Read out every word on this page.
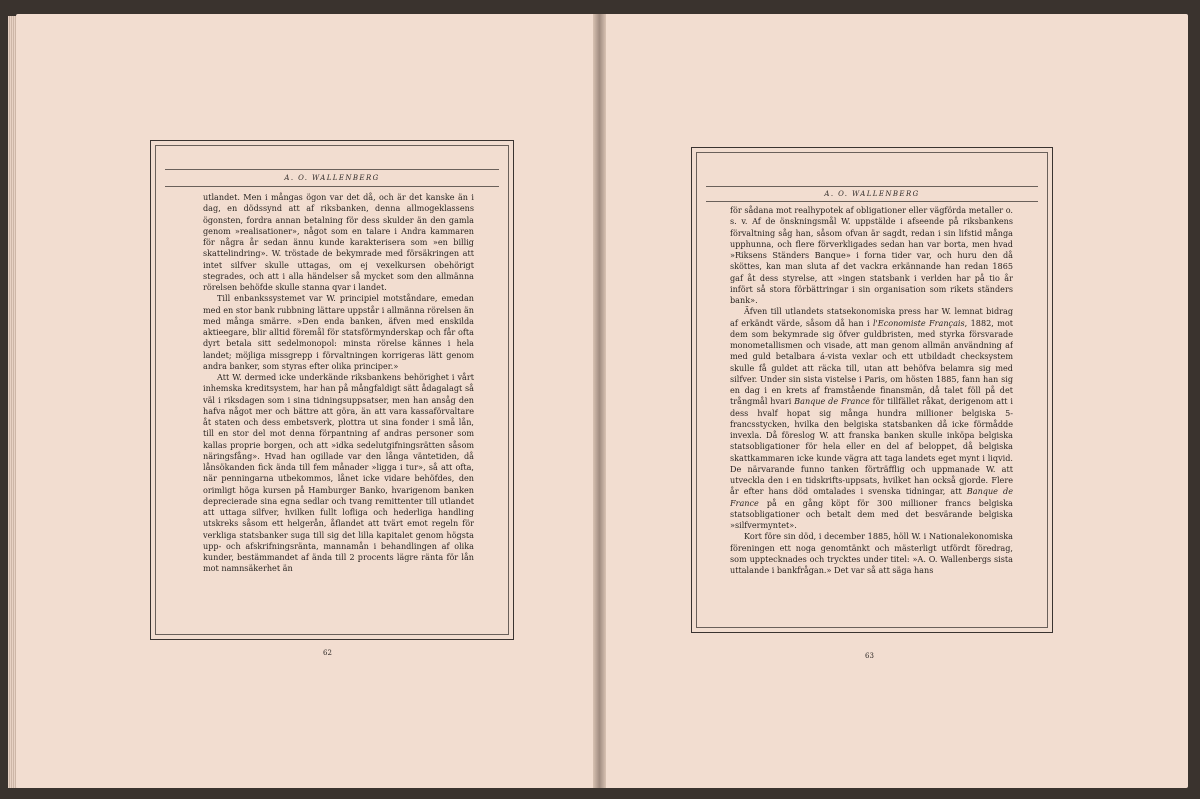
A. O. WALLENBERG

utlandet. Men i mångas ögon var det då, och är det kanske än i dag, en dödssynd att af riksbanken, denna allmogeklassens ögonsten, fordra annan betalning för dess skulder än den gamla genom »realisationer», något som en talare i Andra kammaren för några år sedan ännu kunde karakterisera som »en billig skattelindring». W. tröstade de bekymrade med försäkringen att intet silfver skulle uttagas, om ej vexelkursen obehörigt stegrades, och att i alla händelser så mycket som den allmänna rörelsen behöfde skulle stanna qvar i landet.

Till enbankssystemet var W. principiel motståndare, emedan med en stor bank rubbning lättare uppstår i allmänna rörelsen än med många smärre. »Den enda banken, äfven med enskilda aktieegare, blir alltid föremål för statsförmynderskap och får ofta dyrt betala sitt sedelmonopol: minsta rörelse kännes i hela landet; möjliga missgrepp i förvaltningen korrigeras lätt genom andra banker, som styras efter olika principer.»

Att W. dermed icke underkände riksbankens behörighet i vårt inhemska kreditsystem, har han på mångfaldigt sätt ådagalagt så väl i riksdagen som i sina tidningsuppsatser, men han ansåg den hafva något mer och bättre att göra, än att vara kassaförvaltare åt staten och dess embetsverk, plottra ut sina fonder i små lån, till en stor del mot denna förpantning af andras personer som kallas proprie borgen, och att »idka sedelutgifningsrätten såsom näringsfång». Hvad han ogillade var den långa väntetiden, då lånsökanden fick ända till fem månader »ligga i tur», så att ofta, när penningarna utbekommos, lånet icke vidare behöfdes, den orimligt höga kursen på Hamburger Banko, hvarigenom banken deprecierade sina egna sedlar och tvang remittenter till utlandet att uttaga silfver, hvilken fullt lofliga och hederliga handling utskreks såsom ett helgerån, åflandet att tvärt emot regeln för verkliga statsbanker suga till sig det lilla kapitalet genom högsta upp- och afskrifningsränta, mannamån i behandlingen af olika kunder, bestämmandet af ända till 2 procents lägre ränta för lån mot namnsäkerhet än

62
A. O. WALLENBERG

för sådana mot realhypotek af obligationer eller vägförda metaller o. s. v. Af de önskningsmål W. uppstälde i afseende på riksbankens förvaltning såg han, såsom ofvan är sagdt, redan i sin lifstid många upphunna, och flere förverkligades sedan han var borta, men hvad »Riksens Ständers Banque» i forna tider var, och huru den då sköttes, kan man sluta af det vackra erkännande han redan 1865 gaf åt dess styrelse, att »ingen statsbank i verlden har på tio år infört så stora förbättringar i sin organisation som rikets ständers bank».

Äfven till utlandets statsekonomiska press har W. lemnat bidrag af erkändt värde, såsom då han i l'Economiste Français, 1882, mot dem som bekymrade sig öfver guldbristen, med styrka försvarade monometallismen och visade, att man genom allmän användning af med guld betalbara á-vista vexlar och ett utbildadt checksystem skulle få guldet att räcka till, utan att behöfva belamra sig med silfver. Under sin sista vistelse i Paris, om hösten 1885, fann han sig en dag i en krets af framstående finansmän, då talet föll på det trångmål hvari Banque de France för tillfället råkat, derigenom att i dess hvalf hopat sig många hundra millioner belgiska 5-francsstycken, hvilka den belgiska statsbanken då icke förmådde invexla. Då föreslog W. att franska banken skulle inköpa belgiska statsobligationer för hela eller en del af beloppet, då belgiska skattkammaren icke kunde vägra att taga landets eget mynt i liqvid. De närvarande funno tanken förträfflig och uppmanade W. att utveckla den i en tidskrifts-uppsats, hvilket han också gjorde. Flere år efter hans död omtalades i svenska tidningar, att Banque de France på en gång köpt för 300 millioner francs belgiska statsobligationer och betalt dem med det besvärande belgiska »silfvermyntet».

Kort före sin död, i december 1885, höll W. i Nationalekonomiska föreningen ett noga genomtänkt och mästerligt utfördt föredrag, som upptecknades och trycktes under titel: »A. O. Wallenbergs sista uttalande i bankfrågan.» Det var så att säga hans

63
